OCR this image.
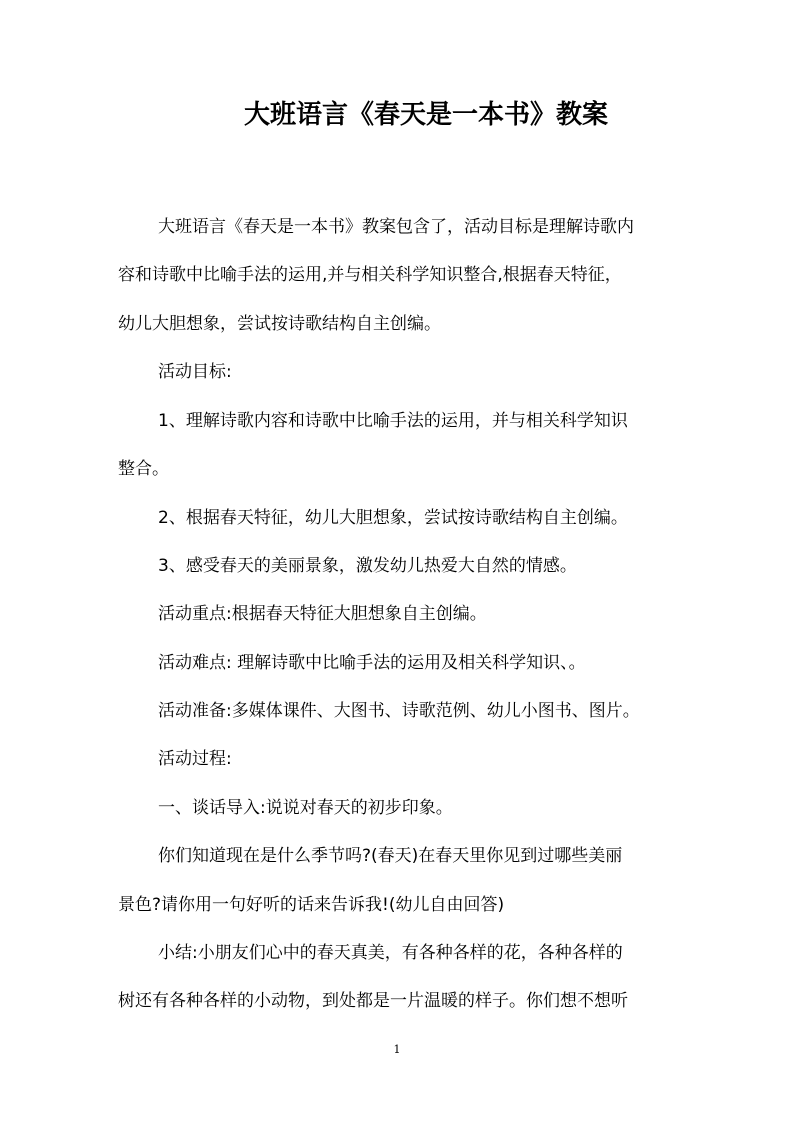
大班语言《春天是一本书》教案
大班语言《春天是一本书》教案包含了，活动目标是理解诗歌内
容和诗歌中比喻手法的运用,并与相关科学知识整合,根据春天特征，
幼儿大胆想象，尝试按诗歌结构自主创编。
活动目标:
1、理解诗歌内容和诗歌中比喻手法的运用，并与相关科学知识
整合。
2、根据春天特征，幼儿大胆想象，尝试按诗歌结构自主创编。
3、感受春天的美丽景象，激发幼儿热爱大自然的情感。
活动重点:根据春天特征大胆想象自主创编。
活动难点: 理解诗歌中比喻手法的运用及相关科学知识、。
活动准备:多媒体课件、大图书、诗歌范例、幼儿小图书、图片。
活动过程:
一、谈话导入:说说对春天的初步印象。
你们知道现在是什么季节吗?(春天)在春天里你见到过哪些美丽
景色?请你用一句好听的话来告诉我!(幼儿自由回答)
小结:小朋友们心中的春天真美，有各种各样的花，各种各样的
树还有各种各样的小动物，到处都是一片温暖的样子。你们想不想听
1
